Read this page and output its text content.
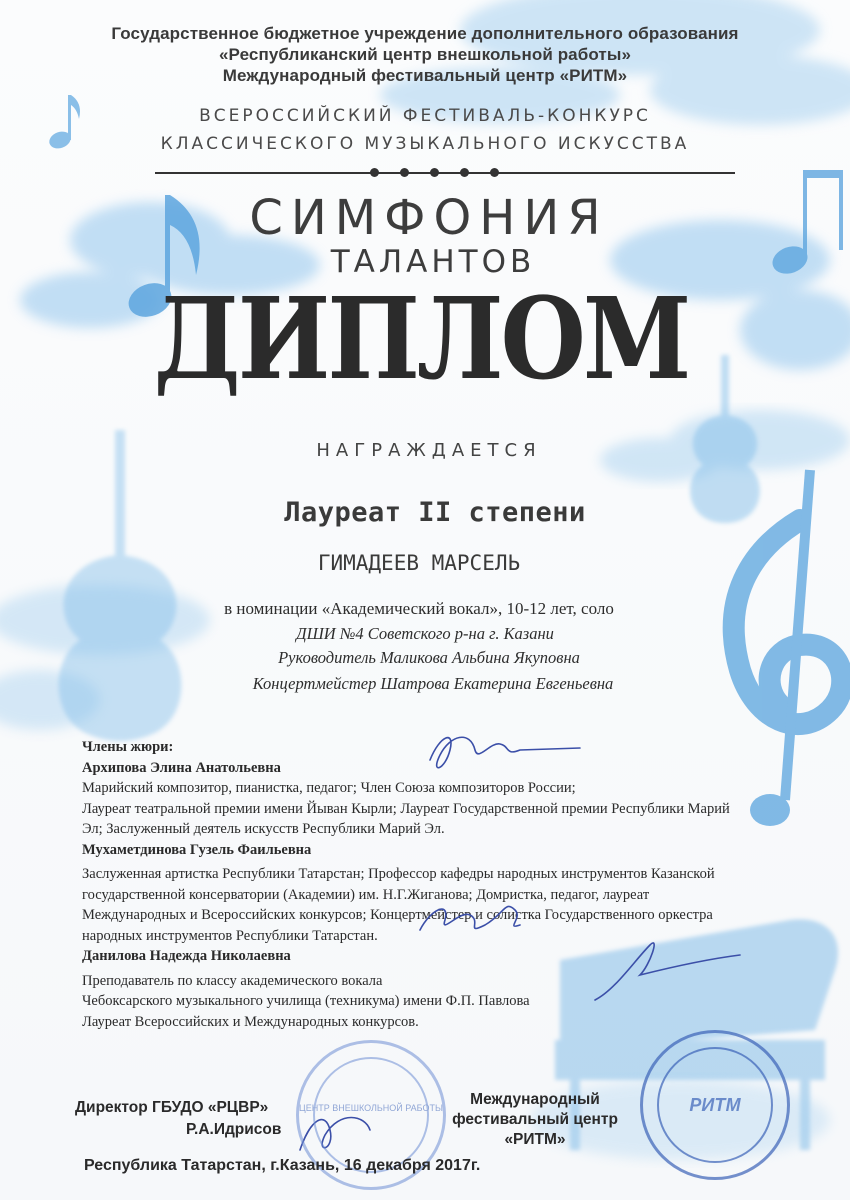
Государственное бюджетное учреждение дополнительного образования
«Республиканский центр внешкольной работы»
Международный фестивальный центр «РИТМ»
ВСЕРОССИЙСКИЙ ФЕСТИВАЛЬ-КОНКУРС
КЛАССИЧЕСКОГО МУЗЫКАЛЬНОГО ИСКУССТВА
СИМФОНИЯ
ТАЛАНТОВ
ДИПЛОМ
НАГРАЖДАЕТСЯ
Лауреат II степени
ГИМАДЕЕВ МАРСЕЛЬ
в номинации «Академический вокал», 10-12 лет, соло
ДШИ №4 Советского р-на г. Казани
Руководитель Маликова Альбина Якуповна
Концертмейстер Шатрова Екатерина Евгеньевна

Члены жюри:

Архипова Элина Анатольевна

Марийский композитор, пианистка, педагог; Член Союза композиторов России;

Лауреат театральной премии имени Йыван Кырли; Лауреат Государственной премии Республики Марий

Эл; Заслуженный деятель искусств Республики Марий Эл.

Мухаметдинова Гузель Фаильевна

Заслуженная артистка Республики Татарстан; Профессор кафедры народных инструментов Казанской

государственной консерватории (Академии) им. Н.Г.Жиганова; Домристка, педагог, лауреат

Международных и Всероссийских конкурсов; Концертмейстер и солистка Государственного оркестра

народных инструментов Республики Татарстан.

Данилова Надежда Николаевна

Преподаватель по классу академического вокала

Чебоксарского музыкального училища (техникума) имени Ф.П. Павлова

Лауреат Всероссийских и Международных конкурсов.

ЦЕНТР ВНЕШКОЛЬНОЙ РАБОТЫ	РИТМ
Директор ГБУДО «РЦВР»
Р.А.Идрисов
Международный
фестивальный центр
«РИТМ»
Республика Татарстан, г.Казань, 16 декабря 2017г.
